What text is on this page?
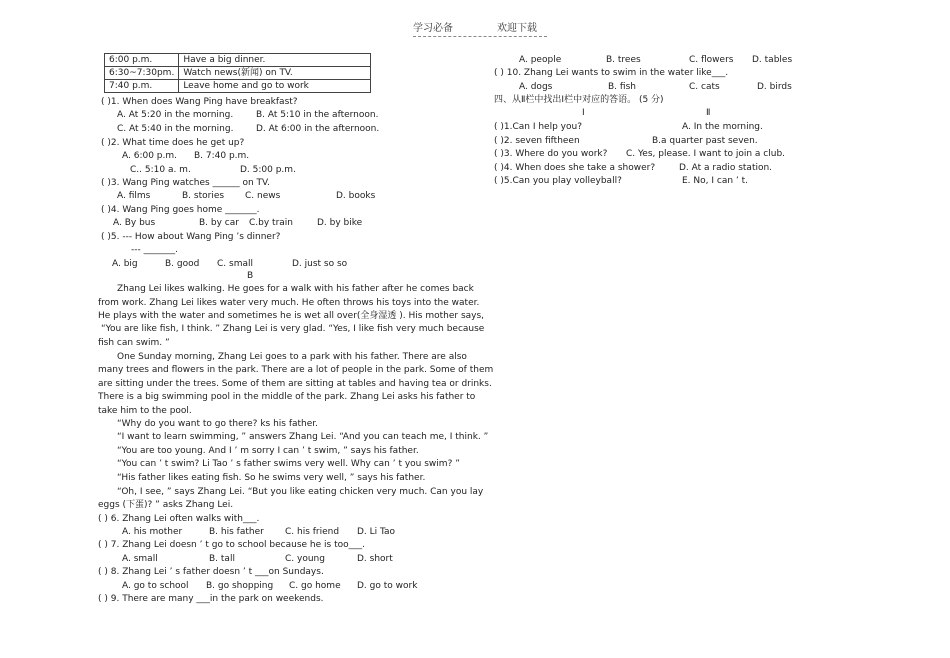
学习必备	欢迎下载
6:00 p.m.	Have a big dinner.
6:30~7:30pm.	Watch news(新闻) on TV.
7:40 p.m.	Leave home and go to work
( )1. When does Wang Ping have breakfast?
A. At 5:20 in the morning.	B. At 5:10 in the afternoon.
C. At 5:40 in the morning.	D. At 6:00 in the afternoon.
( )2. What time does he get up?
A. 6:00 p.m. B. 7:40 p.m.
C.. 5:10 a. m.	D. 5:00 p.m.
( )3. Wang Ping watches ______ on TV.
A. films	B. stories C. news	D. books
( )4. Wang Ping goes home _______.
A. By bus	B. by car C.by train	D. by bike
( )5. --- How about Wang Ping ’s dinner?
--- _______.
A. big	B. good C. small	D. just so so
B
Zhang Lei likes walking. He goes for a walk with his father after he comes back
from work. Zhang Lei likes water very much. He often throws his toys into the water.
He plays with the water and sometimes he is wet all over(全身湿透 ). His mother says,
“You are like fish, I think. ” Zhang Lei is very glad. “Yes, I like fish very much because
fish can swim. ”
One Sunday morning, Zhang Lei goes to a park with his father. There are also
many trees and flowers in the park. There are a lot of people in the park. Some of them
are sitting under the trees. Some of them are sitting at tables and having tea or drinks.
There is a big swimming pool in the middle of the park. Zhang Lei asks his father to
take him to the pool.
“Why do you want to go there? ks his father.
“I want to learn swimming, ” answers Zhang Lei. “And you can teach me, I think. ”
“You are too young. And I ’ m sorry I can ’ t swim, ” says his father.
“You can ’ t swim? Li Tao ’ s father swims very well. Why can ’ t you swim? ”
“His father likes eating fish. So he swims very well, ” says his father.
“Oh, I see, ” says Zhang Lei. “But you like eating chicken very much. Can you lay
eggs (下蛋)? ” asks Zhang Lei.
( ) 6. Zhang Lei often walks with___.
A. his mother	B. his father C. his friend D. Li Tao
( ) 7. Zhang Lei doesn ’ t go to school because he is too___.
A. small	B. tall	C. young	D. short
( ) 8. Zhang Lei ’ s father doesn ’ t ___on Sundays.
A. go to school B. go shopping C. go home D. go to work
( ) 9. There are many ___in the park on weekends.
A. people	B. trees	C. flowers D. tables
( ) 10. Zhang Lei wants to swim in the water like___.
A. dogs	B. fish	C. cats	D. birds
四、从Ⅱ栏中找出Ⅰ栏中对应的答语。 (5 分)
Ⅰ	Ⅱ
( )1.Can I help you?	A. In the morning.
( )2. seven fiftheen	B.a quarter past seven.
( )3. Where do you work? C. Yes, please. I want to join a club.
( )4. When does she take a shower?	D. At a radio station.
( )5.Can you play volleyball?	E. No, I can ’ t.
